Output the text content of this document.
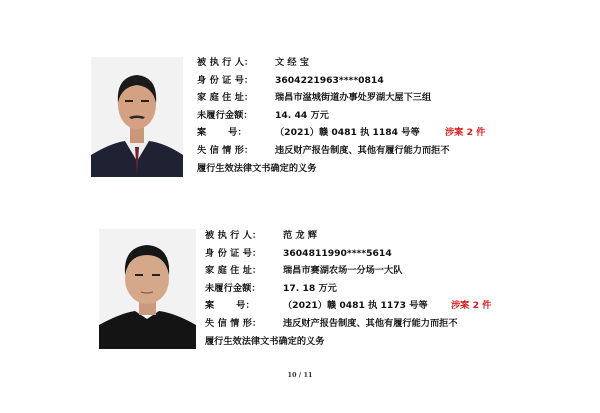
被 执 行 人： 文 经 宝
身 份 证 号： 3604221963****0814
家 庭 住 址： 瑞昌市湓城街道办事处罗湖大屋下三组
未履行金额： 14. 44 万元
案　　 号：	（2021）赣 0481 执 1184 号等	涉案 2 件
失 信 情 形： 违反财产报告制度、其他有履行能力而拒不
履行生效法律文书确定的义务
被 执 行 人： 范 龙 辉
身 份 证 号： 3604811990****5614
家 庭 住 址： 瑞昌市赛湖农场一分场一大队
未履行金额： 17. 18 万元
案　　 号：	（2021）赣 0481 执 1173 号等	涉案 2 件
失 信 情 形： 违反财产报告制度、其他有履行能力而拒不
履行生效法律文书确定的义务
10 / 11
